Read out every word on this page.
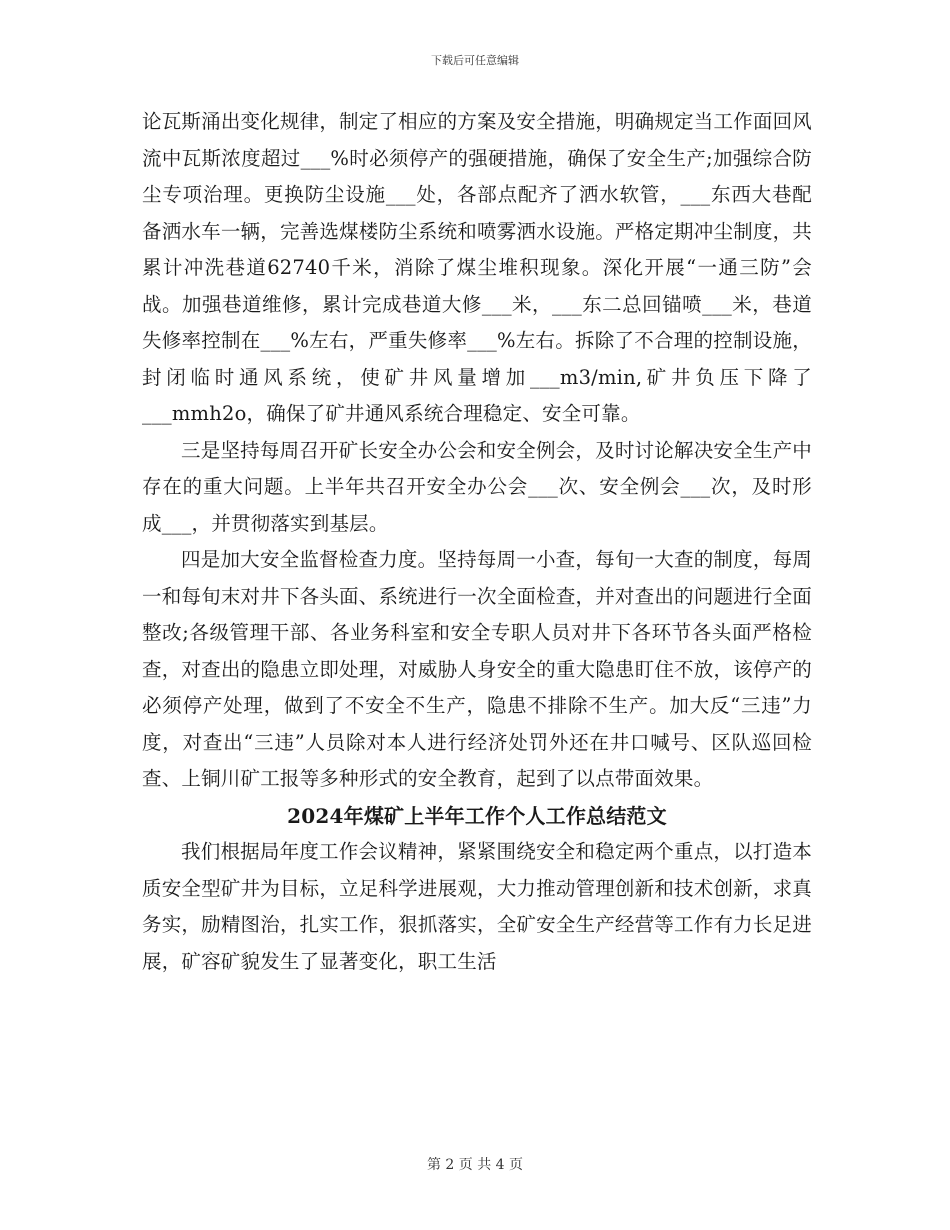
下载后可任意编辑

论瓦斯涌出变化规律，制定了相应的方案及安全措施，明确规定当工作面回风流中瓦斯浓度超过___%时必须停产的强硬措施，确保了安全生产;加强综合防尘专项治理。更换防尘设施___处，各部点配齐了洒水软管，___东西大巷配备洒水车一辆，完善选煤楼防尘系统和喷雾洒水设施。严格定期冲尘制度，共累计冲洗巷道62740千米，消除了煤尘堆积现象。深化开展“一通三防”会战。加强巷道维修，累计完成巷道大修___米，___东二总回锚喷___米，巷道失修率控制在___%左右，严重失修率___%左右。拆除了不合理的控制设施，封闭临时通风系统，使矿井风量增加___m3/min,矿井负压下降了___mmh2o，确保了矿井通风系统合理稳定、安全可靠。

三是坚持每周召开矿长安全办公会和安全例会，及时讨论解决安全生产中存在的重大问题。上半年共召开安全办公会___次、安全例会___次，及时形成___，并贯彻落实到基层。

四是加大安全监督检查力度。坚持每周一小查，每旬一大查的制度，每周一和每旬末对井下各头面、系统进行一次全面检查，并对查出的问题进行全面整改;各级管理干部、各业务科室和安全专职人员对井下各环节各头面严格检查，对查出的隐患立即处理，对威胁人身安全的重大隐患盯住不放，该停产的必须停产处理，做到了不安全不生产，隐患不排除不生产。加大反“三违”力度，对查出“三违”人员除对本人进行经济处罚外还在井口喊号、区队巡回检查、上铜川矿工报等多种形式的安全教育，起到了以点带面效果。

2024年煤矿上半年工作个人工作总结范文

我们根据局年度工作会议精神，紧紧围绕安全和稳定两个重点，以打造本质安全型矿井为目标，立足科学进展观，大力推动管理创新和技术创新，求真务实，励精图治，扎实工作，狠抓落实，全矿安全生产经营等工作有力长足进展，矿容矿貌发生了显著变化，职工生活

第 2 页 共 4 页
